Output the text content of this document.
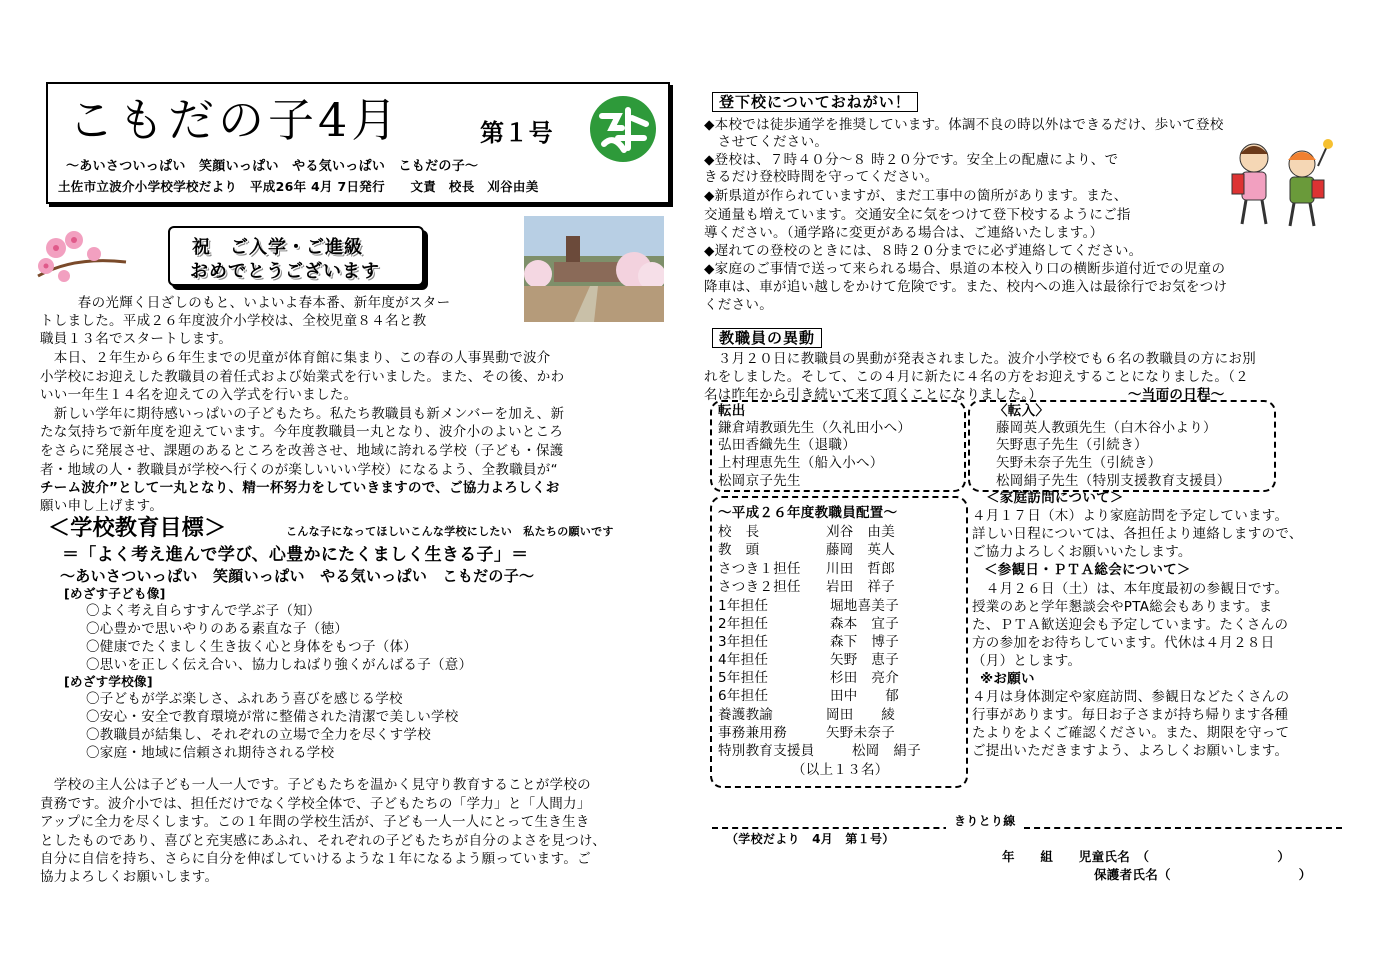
こもだの子4月	第１号
～あいさついっぱい　笑顔いっぱい　やる気いっぱい　こもだの子～
土佐市立波介小学校学校だより　平成26年 4月 7日発行　　文責　校長　刈谷由美
祝　ご入学・ご進級
おめでとうございます
　春の光輝く日ざしのもと、いよいよ春本番、新年度がスター
トしました。平成２６年度波介小学校は、全校児童８４名と教
職員１３名でスタートします。
　本日、２年生から６年生までの児童が体育館に集まり、この春の人事異動で波介
小学校にお迎えした教職員の着任式および始業式を行いました。また、その後、かわ
いい一年生１４名を迎えての入学式を行いました。
　新しい学年に期待感いっぱいの子どもたち。私たち教職員も新メンバーを加え、新
たな気持ちで新年度を迎えています。今年度教職員一丸となり、波介小のよいところ
をさらに発展させ、課題のあるところを改善させ、地域に誇れる学校（子ども・保護
者・地域の人・教職員が学校へ行くのが楽しいいい学校）になるよう、全教職員が“
チーム波介”として一丸となり、精一杯努力をしていきますので、ご協力よろしくお
願い申し上げます。
＜学校教育目標＞	こんな子になってほしいこんな学校にしたい　私たちの願いです
＝「よく考え進んで学び、心豊かにたくましく生きる子」＝
～あいさついっぱい　笑顔いっぱい　やる気いっぱい　こもだの子～
[めざす子ども像]
〇よく考え自らすすんで学ぶ子（知）
〇心豊かで思いやりのある素直な子（徳）
〇健康でたくましく生き抜く心と身体をもつ子（体）
〇思いを正しく伝え合い、協力しねばり強くがんばる子（意）
[めざす学校像]
〇子どもが学ぶ楽しさ、ふれあう喜びを感じる学校
〇安心・安全で教育環境が常に整備された清潔で美しい学校
〇教職員が結集し、それぞれの立場で全力を尽くす学校
〇家庭・地域に信頼され期待される学校
　学校の主人公は子ども一人一人です。子どもたちを温かく見守り教育することが学校の
責務です。波介小では、担任だけでなく学校全体で、子どもたちの「学力」と「人間力」
アップに全力を尽くします。この１年間の学校生活が、子ども一人一人にとって生き生き
としたものであり、喜びと充実感にあふれ、それぞれの子どもたちが自分のよさを見つけ、
自分に自信を持ち、さらに自分を伸ばしていけるような１年になるよう願っています。ご
協力よろしくお願いします。
登下校についておねがい！
◆本校では徒歩通学を推奨しています。体調不良の時以外はできるだけ、歩いて登校
　させてください。
◆登校は、７時４０分～８ 時２０分です。安全上の配慮により、で
きるだけ登校時間を守ってください。
◆新県道が作られていますが、まだ工事中の箇所があります。また、
交通量も増えています。交通安全に気をつけて登下校するようにご指
導ください。（通学路に変更がある場合は、ご連絡いたします。）
◆遅れての登校のときには、８時２０分までに必ず連絡してください。
◆家庭のご事情で送って来られる場合、県道の本校入り口の横断歩道付近での児童の
降車は、車が追い越しをかけて危険です。また、校内への進入は最徐行でお気をつけ
ください。
教職員の異動
　３月２０日に教職員の異動が発表されました。波介小学校でも６名の教職員の方にお別
れをしました。そして、この４月に新たに４名の方をお迎えすることになりました。（２
名は昨年から引き続いて来て頂くことになりました。）	～当面の日程～
転出
鎌倉靖教頭先生（久礼田小へ）
弘田香織先生（退職）
上村理恵先生（船入小へ）
松岡京子先生
〈転入〉
藤岡英人教頭先生（白木谷小より）
矢野恵子先生（引続き）
矢野未奈子先生（引続き）
松岡絹子先生（特別支援教育支援員）
～平成２６年度教職員配置～
校　長	刈谷　由美
教　頭	藤岡　英人
さつき１担任 川田　哲郎
さつき２担任 岩田　祥子
1年担任	堀地喜美子
2年担任	森本　宜子
3年担任	森下　博子
4年担任	矢野　恵子
5年担任	杉田　亮介
6年担任	田中　　郁
養護教諭	岡田　　綾
事務兼用務	矢野未奈子
特別教育支援員	松岡　絹子
（以上１３名）
＜家庭訪問について＞
４月１７日（木）より家庭訪問を予定しています。
詳しい日程については、各担任より連絡しますので、
ご協力よろしくお願いいたします。
＜参観日・ＰＴＡ総会について＞
　４月２６日（土）は、本年度最初の参観日です。
授業のあと学年懇談会やPTA総会もあります。ま
た、ＰＴＡ歓送迎会も予定しています。たくさんの
方の参加をお待ちしています。代休は４月２８日
（月）とします。
※お願い
４月は身体測定や家庭訪問、参観日などたくさんの
行事があります。毎日お子さまが持ち帰ります各種
たよりをよくご確認ください。また、期限を守って
ご提出いただきますよう、よろしくお願いします。
きりとり線
（学校だより　4月　第１号）
年　　組　　児童氏名　（　　　　　　　　　　）
保護者氏名（　　　　　　　　　　）
